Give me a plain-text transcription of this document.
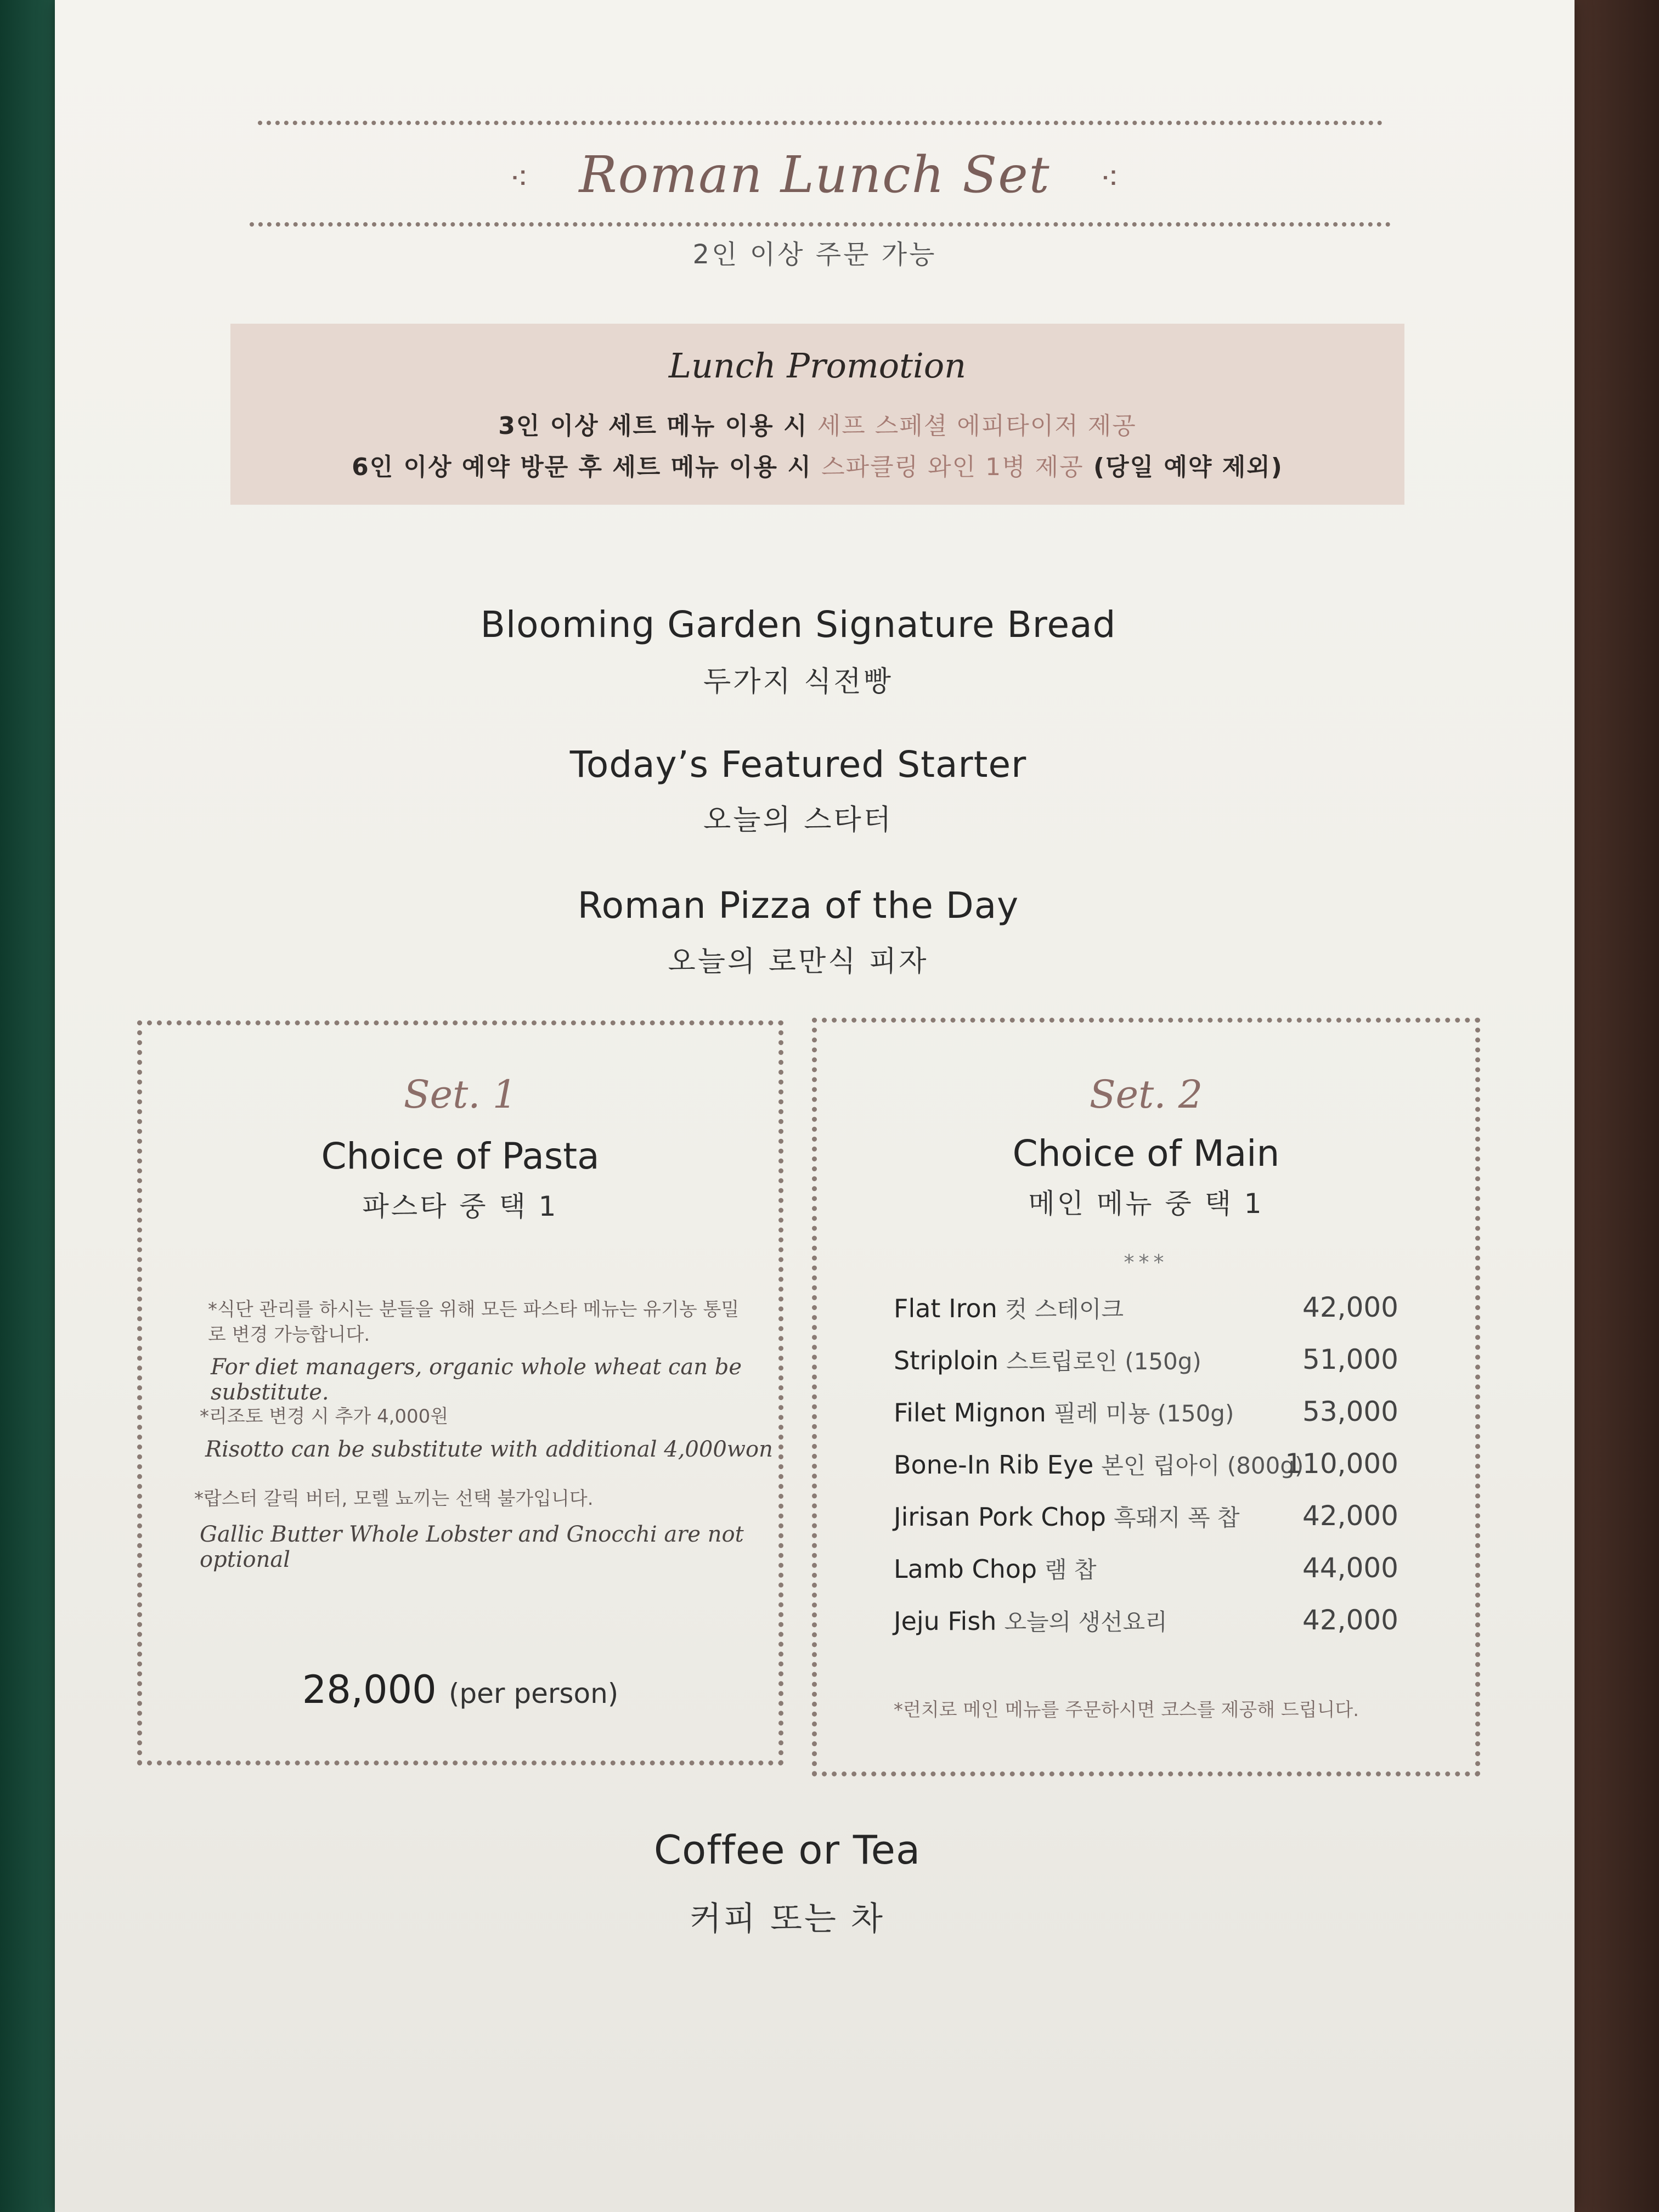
⁖ Roman Lunch Set ⁖
2인 이상 주문 가능
Lunch Promotion
3인 이상 세트 메뉴 이용 시 세프 스페셜 에피타이저 제공
6인 이상 예약 방문 후 세트 메뉴 이용 시 스파클링 와인 1병 제공 (당일 예약 제외)
Blooming Garden Signature Bread
두가지 식전빵
Today’s Featured Starter
오늘의 스타터
Roman Pizza of the Day
오늘의 로만식 피자
Set. 1
Choice of Pasta
파스타 중 택 1
*식단 관리를 하시는 분들을 위해 모든 파스타 메뉴는 유기농 통밀로 변경 가능합니다.
For diet managers, organic whole wheat can be substitute.
*리조토 변경 시 추가 4,000원
Risotto can be substitute with additional 4,000won
*랍스터 갈릭 버터, 모렐 뇨끼는 선택 불가입니다.
Gallic Butter Whole Lobster and Gnocchi are not optional
28,000 (per person)
Set. 2
Choice of Main
메인 메뉴 중 택 1
***
Flat Iron 컷 스테이크	42,000
Striploin 스트립로인 (150g)	51,000
Filet Mignon 필레 미뇽 (150g) 53,000
Bone-In Rib Eye 본인 립아이 (800g)
110,000
Jirisan Pork Chop 흑돼지 폭 찹 42,000
Lamb Chop 램 찹	44,000
Jeju Fish 오늘의 생선요리	42,000
*런치로 메인 메뉴를 주문하시면 코스를 제공해 드립니다.
Coffee or Tea
커피 또는 차
